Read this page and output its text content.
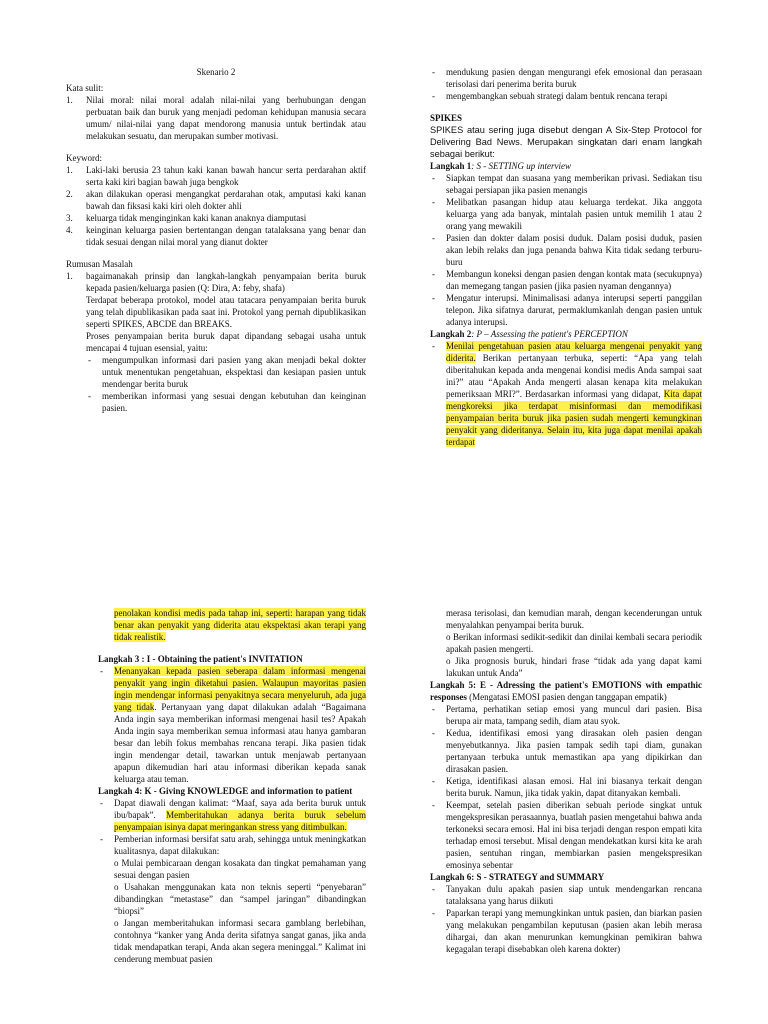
Skenario 2

Kata sulit:

1. Nilai moral: nilai moral adalah nilai-nilai yang berhubungan dengan perbuatan baik dan buruk yang menjadi pedoman kehidupan manusia secara umum/ nilai-nilai yang dapat mendorong manusia untuk bertindak atau melakukan sesuatu, dan merupakan sumber motivasi.

Keyword:

1. Laki-laki berusia 23 tahun kaki kanan bawah hancur serta perdarahan aktif serta kaki kiri bagian bawah juga bengkok
2. akan dilakukan operasi mengangkat perdarahan otak, amputasi kaki kanan bawah dan fiksasi kaki kiri oleh dokter ahli
3. keluarga tidak menginginkan kaki kanan anaknya diamputasi
4. keinginan keluarga pasien bertentangan dengan tatalaksana yang benar dan tidak sesuai dengan nilai moral yang dianut dokter

Rumusan Masalah

1. bagaimanakah prinsip dan langkah-langkah penyampaian berita buruk kepada pasien/keluarga pasien (Q: Dira, A: feby, shafa)

Terdapat beberapa protokol, model atau tatacara penyampaian berita buruk yang telah dipublikasikan pada saat ini. Protokol yang pernah dipublikasikan seperti SPIKES, ABCDE dan BREAKS.

Proses penyampaian berita buruk dapat dipandang sebagai usaha untuk mencapai 4 tujuan esensial, yaitu:

- mengumpulkan informasi dari pasien yang akan menjadi bekal dokter untuk menentukan pengetahuan, ekspektasi dan kesiapan pasien untuk mendengar berita buruk
- memberikan informasi yang sesuai dengan kebutuhan dan keinginan pasien.
- mendukung pasien dengan mengurangi efek emosional dan perasaan terisolasi dari penerima berita buruk
- mengembangkan sebuah strategi dalam bentuk rencana terapi

SPIKES

SPIKES atau sering juga disebut dengan A Six-Step Protocol for Delivering Bad News. Merupakan singkatan dari enam langkah sebagai berikut:

Langkah 1: S - SETTING up interview

- Siapkan tempat dan suasana yang memberikan privasi. Sediakan tisu sebagai persiapan jika pasien menangis
- Melibatkan pasangan hidup atau keluarga terdekat. Jika anggota keluarga yang ada banyak, mintalah pasien untuk memilih 1 atau 2 orang yang mewakili
- Pasien dan dokter dalam posisi duduk. Dalam posisi duduk, pasien akan lebih relaks dan juga penanda bahwa Kita tidak sedang terburu-buru
- Membangun koneksi dengan pasien dengan kontak mata (secukupnya) dan memegang tangan pasien (jika pasien nyaman dengannya)
- Mengatur interupsi. Minimalisasi adanya interupsi seperti panggilan telepon. Jika sifatnya darurat, permaklumkanlah dengan pasien untuk adanya interupsi.

Langkah 2: P – Assessing the patient's PERCEPTION

- Menilai pengetahuan pasien atau keluarga mengenai penyakit yang diderita. Berikan pertanyaan terbuka, seperti: “Apa yang telah diberitahukan kepada anda mengenai kondisi medis Anda sampai saat ini?” atau “Apakah Anda mengerti alasan kenapa kita melakukan pemeriksaan MRI?”. Berdasarkan informasi yang didapat, Kita dapat mengkoreksi jika terdapat misinformasi dan memodifikasi penyampaian berita buruk jika pasien sudah mengerti kemungkinan penyakit yang dideritanya. Selain itu, kita juga dapat menilai apakah terdapat

penolakan kondisi medis pada tahap ini, seperti: harapan yang tidak benar akan penyakit yang diderita atau ekspektasi akan terapi yang tidak realistik.

Langkah 3 : I - Obtaining the patient's INVITATION

- Menanyakan kepada pasien seberapa dalam informasi mengenai penyakit yang ingin diketahui pasien. Walaupun mayoritas pasien ingin mendengar informasi penyakitnya secara menyeluruh, ada juga yang tidak. Pertanyaan yang dapat dilakukan adalah “Bagaimana Anda ingin saya memberikan informasi mengenai hasil tes? Apakah Anda ingin saya memberikan semua informasi atau hanya gambaran besar dan lebih fokus membahas rencana terapi. Jika pasien tidak ingin mendengar detail, tawarkan untuk menjawab pertanyaan apapun dikemudian hari atau informasi diberikan kepada sanak keluarga atau teman.

Langkah 4: K - Giving KNOWLEDGE and information to patient

- Dapat diawali dengan kalimat: “Maaf, saya ada berita buruk untuk ibu/bapak”. Memberitahukan adanya berita buruk sebelum penyampaian isinya dapat meringankan stress yang ditimbulkan.
- Pemberian informasi bersifat satu arah, sehingga untuk meningkatkan kualitasnya, dapat dilakukan:

o Mulai pembicaraan dengan kosakata dan tingkat pemahaman yang sesuai dengan pasien

o Usahakan menggunakan kata non teknis seperti “penyebaran” dibandingkan “metastase” dan “sampel jaringan” dibandingkan “biopsi”

o Jangan memberitahukan informasi secara gamblang berlebihan, contohnya “kanker yang Anda derita sifatnya sangat ganas, jika anda tidak mendapatkan terapi, Anda akan segera meninggal.” Kalimat ini cenderung membuat pasien

merasa terisolasi, dan kemudian marah, dengan kecenderungan untuk menyalahkan penyampai berita buruk.

o Berikan informasi sedikit-sedikit dan dinilai kembali secara periodik apakah pasien mengerti.

o Jika prognosis buruk, hindari frase “tidak ada yang dapat kami lakukan untuk Anda”

Langkah 5: E - Adressing the patient's EMOTIONS with empathic responses (Mengatasi EMOSI pasien dengan tanggapan empatik)

- Pertama, perhatikan setiap emosi yang muncul dari pasien. Bisa berupa air mata, tampang sedih, diam atau syok.
- Kedua, identifikasi emosi yang dirasakan oleh pasien dengan menyebutkannya. Jika pasien tampak sedih tapi diam, gunakan pertanyaan terbuka untuk memastikan apa yang dipikirkan dan dirasakan pasien.
- Ketiga, identifikasi alasan emosi. Hal ini biasanya terkait dengan berita buruk. Namun, jika tidak yakin, dapat ditanyakan kembali.
- Keempat, setelah pasien diberikan sebuah periode singkat untuk mengekspresikan perasaannya, buatlah pasien mengetahui bahwa anda terkoneksi secara emosi. Hal ini bisa terjadi dengan respon empati kita terhadap emosi tersebut. Misal dengan mendekatkan kursi kita ke arah pasien, sentuhan ringan, membiarkan pasien mengekspresikan emosinya sebentar

Langkah 6: S - STRATEGY and SUMMARY

- Tanyakan dulu apakah pasien siap untuk mendengarkan rencana tatalaksana yang harus diikuti
- Paparkan terapi yang memungkinkan untuk pasien, dan biarkan pasien yang melakukan pengambilan keputusan (pasien akan lebih merasa dihargai, dan akan menurunkan kemungkinan pemikiran bahwa kegagalan terapi disebabkan oleh karena dokter)
